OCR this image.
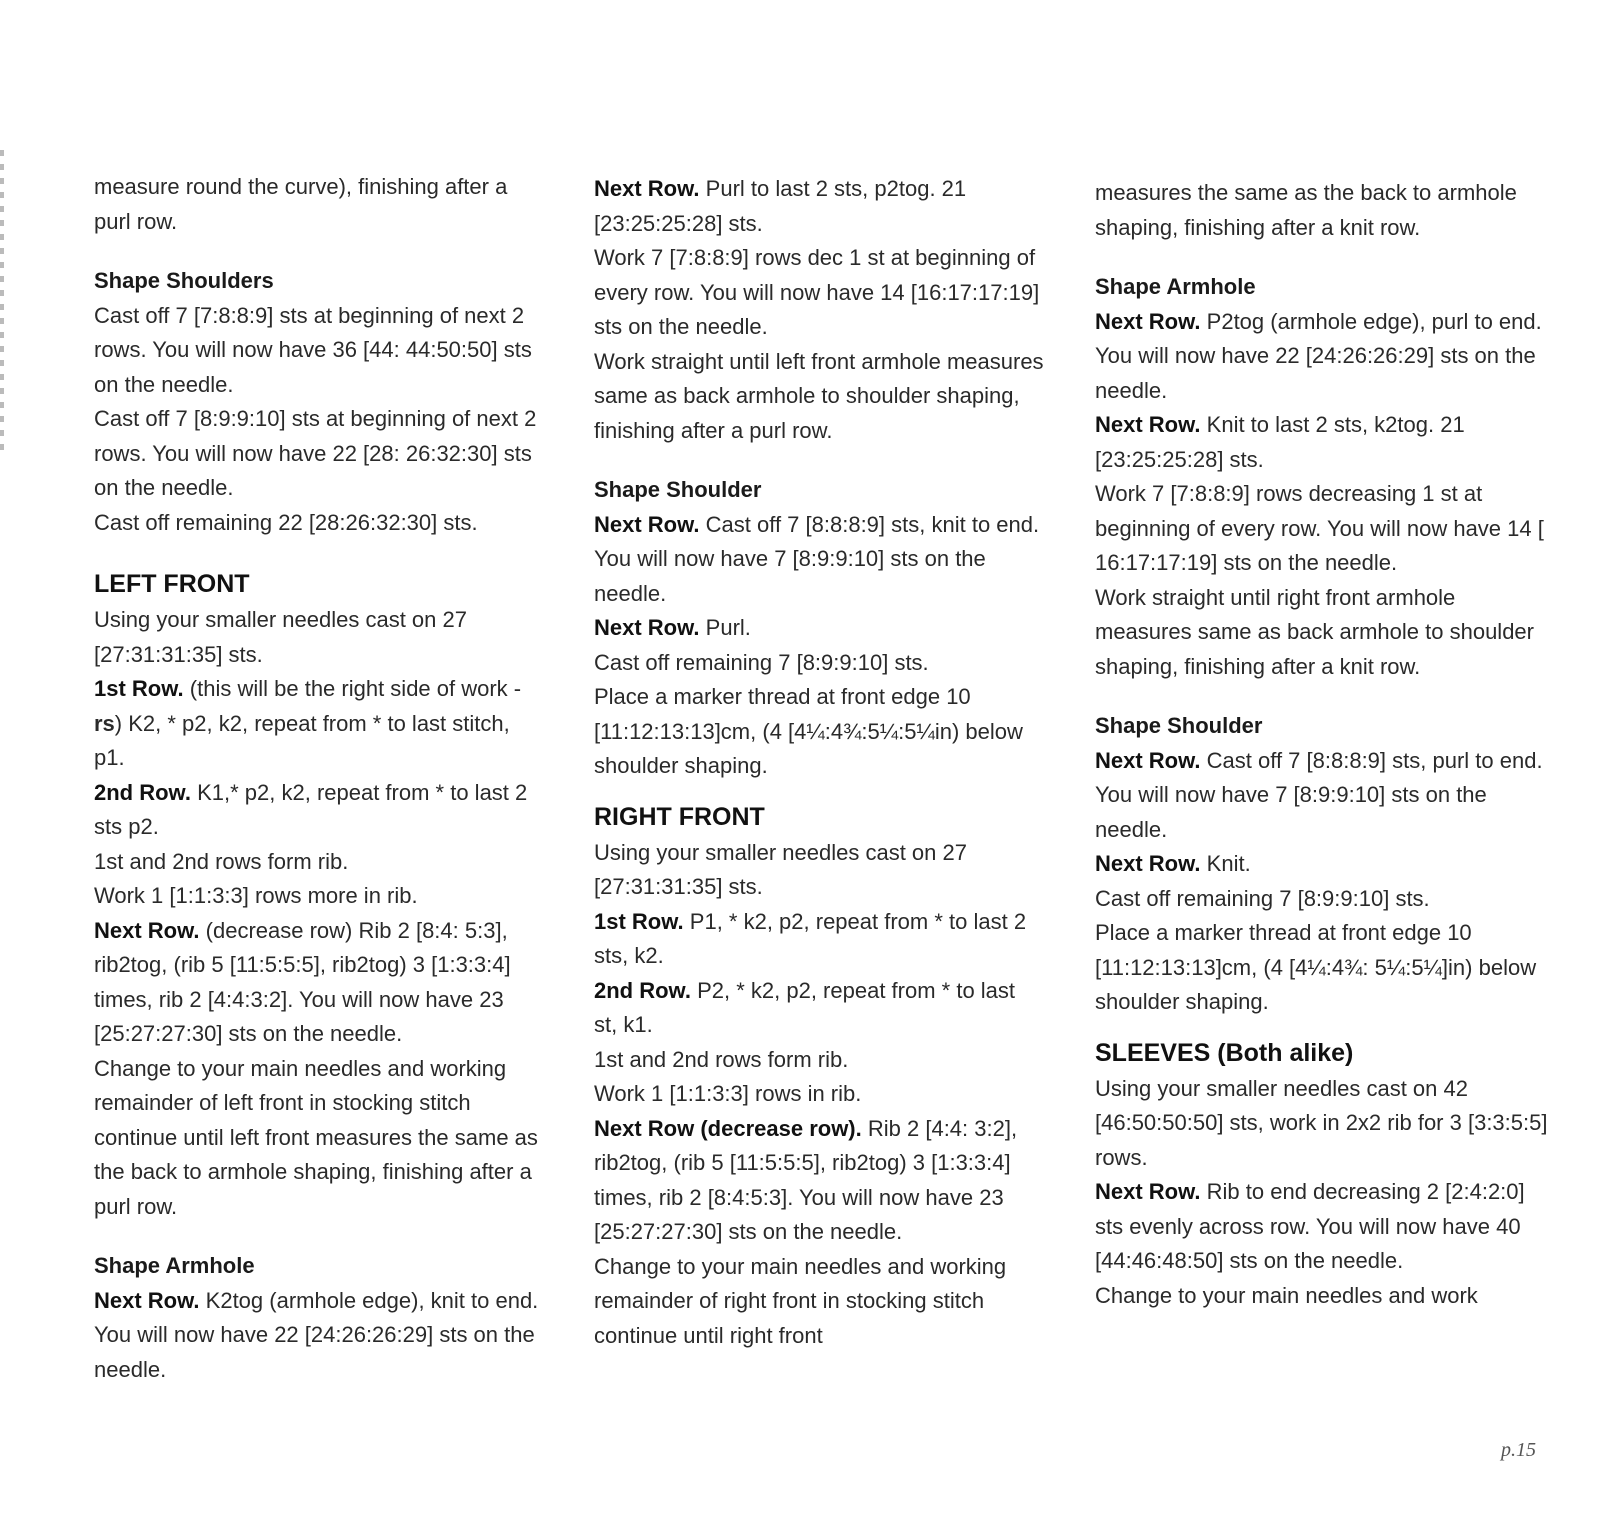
measure round the curve), finishing after a purl row.

Shape Shoulders

Cast off 7 [7:8:8:9] sts at beginning of next 2 rows. You will now have 36 [44: 44:50:50] sts on the needle.

Cast off 7 [8:9:9:10] sts at beginning of next 2 rows. You will now have 22 [28: 26:32:30] sts on the needle.

Cast off remaining 22 [28:26:32:30] sts.

LEFT FRONT

Using your smaller needles cast on 27 [27:31:31:35] sts.

1st Row. (this will be the right side of work - rs) K2, * p2, k2, repeat from * to last stitch, p1.

2nd Row. K1,* p2, k2, repeat from * to last 2 sts p2.

1st and 2nd rows form rib.

Work 1 [1:1:3:3] rows more in rib.

Next Row. (decrease row) Rib 2 [8:4: 5:3], rib2tog, (rib 5 [11:5:5:5], rib2tog) 3 [1:3:3:4] times, rib 2 [4:4:3:2]. You will now have 23 [25:27:27:30] sts on the needle.

Change to your main needles and working remainder of left front in stocking stitch continue until left front measures the same as the back to armhole shaping, finishing after a purl row.

Shape Armhole

Next Row. K2tog (armhole edge), knit to end. You will now have 22 [24:26:26:29] sts on the needle.

Next Row. Purl to last 2 sts, p2tog. 21 [23:25:25:28] sts.

Work 7 [7:8:8:9] rows dec 1 st at beginning of every row. You will now have 14 [16:17:17:19] sts on the needle.

Work straight until left front armhole measures same as back armhole to shoulder shaping, finishing after a purl row.

Shape Shoulder

Next Row. Cast off 7 [8:8:8:9] sts, knit to end. You will now have 7 [8:9:9:10] sts on the needle.

Next Row. Purl.

Cast off remaining 7 [8:9:9:10] sts.

Place a marker thread at front edge 10 [11:12:13:13]cm, (4 [4¼:4¾:5¼:5¼in) below shoulder shaping.

RIGHT FRONT

Using your smaller needles cast on 27 [27:31:31:35] sts.

1st Row. P1, * k2, p2, repeat from * to last 2 sts, k2.

2nd Row. P2, * k2, p2, repeat from * to last st, k1.

1st and 2nd rows form rib.

Work 1 [1:1:3:3] rows in rib.

Next Row (decrease row). Rib 2 [4:4: 3:2], rib2tog, (rib 5 [11:5:5:5], rib2tog) 3 [1:3:3:4] times, rib 2 [8:4:5:3]. You will now have 23 [25:27:27:30] sts on the needle.

Change to your main needles and working remainder of right front in stocking stitch continue until right front

measures the same as the back to armhole shaping, finishing after a knit row.

Shape Armhole

Next Row. P2tog (armhole edge), purl to end. You will now have 22 [24:26:26:29] sts on the needle.

Next Row. Knit to last 2 sts, k2tog. 21 [23:25:25:28] sts.

Work 7 [7:8:8:9] rows decreasing 1 st at beginning of every row. You will now have 14 [ 16:17:17:19] sts on the needle.

Work straight until right front armhole measures same as back armhole to shoulder shaping, finishing after a knit row.

Shape Shoulder

Next Row. Cast off 7 [8:8:8:9] sts, purl to end. You will now have 7 [8:9:9:10] sts on the needle.

Next Row. Knit.

Cast off remaining 7 [8:9:9:10] sts.

Place a marker thread at front edge 10 [11:12:13:13]cm, (4 [4¼:4¾: 5¼:5¼]in) below shoulder shaping.

SLEEVES (Both alike)

Using your smaller needles cast on 42 [46:50:50:50] sts, work in 2x2 rib for 3 [3:3:5:5] rows.

Next Row. Rib to end decreasing 2 [2:4:2:0] sts evenly across row. You will now have 40 [44:46:48:50] sts on the needle.

Change to your main needles and work

p.15
